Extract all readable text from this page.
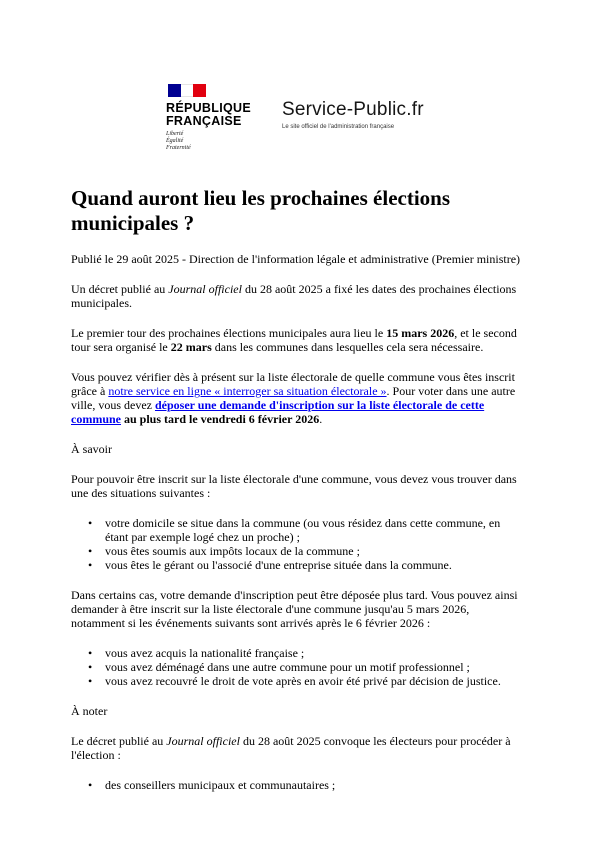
RÉPUBLIQUE
FRANÇAISE
Liberté
Égalité
Fraternité
Service-Public.fr
Le site officiel de l'administration française
Quand auront lieu les prochaines élections municipales ?

Publié le 29 août 2025 - Direction de l'information légale et administrative (Premier ministre)

Un décret publié au Journal officiel du 28 août 2025 a fixé les dates des prochaines élections municipales.

Le premier tour des prochaines élections municipales aura lieu le 15 mars 2026, et le second tour sera organisé le 22 mars dans les communes dans lesquelles cela sera nécessaire.

Vous pouvez vérifier dès à présent sur la liste électorale de quelle commune vous êtes inscrit grâce à notre service en ligne « interroger sa situation électorale ». Pour voter dans une autre ville, vous devez déposer une demande d'inscription sur la liste électorale de cette commune au plus tard le vendredi 6 février 2026.

À savoir

Pour pouvoir être inscrit sur la liste électorale d'une commune, vous devez vous trouver dans une des situations suivantes :

• votre domicile se situe dans la commune (ou vous résidez dans cette commune, en étant par exemple logé chez un proche) ;
• vous êtes soumis aux impôts locaux de la commune ;
• vous êtes le gérant ou l'associé d'une entreprise située dans la commune.

Dans certains cas, votre demande d'inscription peut être déposée plus tard. Vous pouvez ainsi demander à être inscrit sur la liste électorale d'une commune jusqu'au 5 mars 2026, notamment si les événements suivants sont arrivés après le 6 février 2026 :

• vous avez acquis la nationalité française ;
• vous avez déménagé dans une autre commune pour un motif professionnel ;
• vous avez recouvré le droit de vote après en avoir été privé par décision de justice.

À noter

Le décret publié au Journal officiel du 28 août 2025 convoque les électeurs pour procéder à l'élection :

• des conseillers municipaux et communautaires ;
